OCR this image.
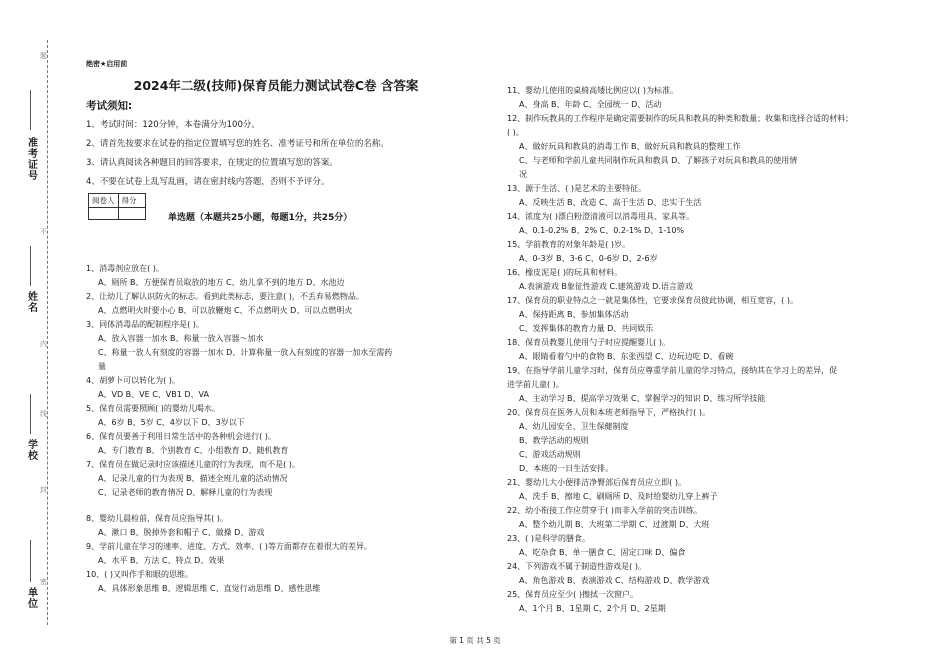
题
不
内
线
封
密
准考证号
姓名
学校
单位
绝密★启用前
2024年二级(技师)保育员能力测试试卷C卷 含答案
考试须知:
1、考试时间：120分钟，本卷满分为100分。
2、请首先按要求在试卷的指定位置填写您的姓名、准考证号和所在单位的名称。
3、请认真阅读各种题目的回答要求，在规定的位置填写您的答案。
4、不要在试卷上乱写乱画，请在密封线内答题，否则不予评分。
阅卷人	得分

单选题（本题共25小题，每题1分，共25分）
1、消毒剂应放在( )。
A、厕所 B、方便保育员取放的地方 C、幼儿拿不到的地方 D、水池边
2、让幼儿了解认识防火的标志。看到此类标志，要注意( )，不丢弃易燃物品。
A、点燃明火时要小心 B、可以放鞭炮 C、不点燃明火 D、可以点燃明火
3、同体消毒品的配制程序是( )。
A、放入容器一加水 B、称量一放入容器～加水
C、称量一放人有刻度的容器一加水 D、计算称量一放入有刻度的容器一加水至需药
量
4、胡萝卜可以转化为( )。
A、VD B、VE C、VB1 D、VA
5、保育员需要照顾( )的婴幼儿喝水。
A、6岁 B、5岁 C、4岁以下 D、3岁以下
6、保育员要善于利用日常生活中的各种机会进行( )。
A、专门教育 B、个别教育 C、小组教育 D、随机教育
7、保育员在做记录时应该描述儿童的行为表现，而不是( )。
A、记录儿童的行为表现 B、描述全班儿童的活动情况
C、记录老师的教育情况 D、解释儿童的行为表现
8、婴幼儿晨检前，保育员应指导其( )。
A、漱口 B、脱掉外套和帽子 C、做操 D、游戏
9、学前儿童在学习的速率、进度、方式、效率、( )等方面都存在着很大的差异。
A、水平 B、方法 C、特点 D、效果
10、( )又叫作手和眼的思维。
A、具体形象思维 B、逻辑思维 C、直觉行动思维 D、感性思维
11、婴幼儿使用的桌椅高矮比例应以( )为标准。
A、身高 B、年龄 C、全园统一 D、活动
12、制作玩教具的工作程序是确定需要制作的玩具和教具的种类和数量；收集和选择合适的材料；
( )。
A、做好玩具和教具的消毒工作 B、做好玩具和教具的整理工作
C、与老师和学前儿童共同制作玩具和教具 D、了解孩子对玩具和教具的使用情
况
13、源于生活、( )是艺术的主要特征。
A、反映生活 B、改造 C、高于生活 D、忠实于生活
14、浓度为( )漂白粉澄清液可以消毒用具、家具等。
A、0.1-0.2% B、2% C、0.2-1% D、1-10%
15、学前教育的对象年龄是( )岁。
A、0-3岁 B、3-6 C、0-6岁 D、2-6岁
16、橡皮泥是( )的玩具和材料。
A.表演游戏 B象征性游戏 C.建筑游戏 D.语言游戏
17、保育员的职业特点之一就是集体性，它要求保育员彼此协调，相互宽容，( )。
A、保持距离 B、参加集体活动
C、发挥集体的教育力量 D、共同娱乐
18、保育员教婴儿使用勺子时应提醒婴儿( )。
A、眼睛看着勺中的食物 B、东张西望 C、边玩边吃 D、看碗
19、在指导学前儿童学习时，保育员应尊重学前儿童的学习特点，接纳其在学习上的差异，促
进学前儿童( )。
A、主动学习 B、提高学习效果 C、掌握学习的知识 D、练习所学技能
20、保育员在医务人员和本班老师指导下，严格执行( )。
A、幼儿园安全、卫生保健制度
B、教学活动的规则
C、游戏活动规则
D、本班的一日生活安排。
21、婴幼儿大小便排洁净臀部后保育员应立即( )。
A、洗手 B、擦地 C、刷厕所 D、及时给婴幼儿穿上裤子
22、幼小衔接工作应贯穿于( )而非入学前的突击训练。
A、整个幼儿期 B、大班第二学期 C、过渡期 D、大班
23、( )是科学的膳食。
A、吃杂食 B、单一膳食 C、固定口味 D、偏食
24、下列游戏不属于制造性游戏是( )。
A、角色游戏 B、表演游戏 C、结构游戏 D、教学游戏
25、保育员应至少( )擦拭一次窗户。
A、1个月 B、1星期 C、2个月 D、2星期
第 1 页 共 5 页
